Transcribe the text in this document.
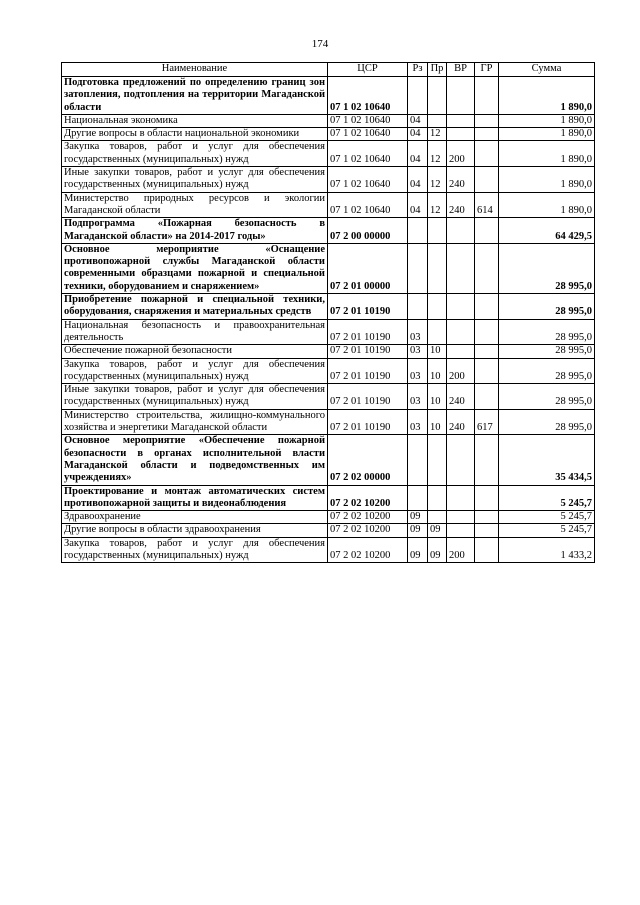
174
Наименование	ЦСР	Рз	Пр	ВР	ГР	Сумма
Подготовка предложений по определению границ зон затопления, подтопления на территории Магаданской области	07 1 02 10640					1 890,0
Национальная экономика	07 1 02 10640	04				1 890,0
Другие вопросы в области национальной экономики	07 1 02 10640	04	12			1 890,0
Закупка товаров, работ и услуг для обеспечения государственных (муниципальных) нужд	07 1 02 10640	04	12	200		1 890,0
Иные закупки товаров, работ и услуг для обеспечения государственных (муниципальных) нужд	07 1 02 10640	04	12	240		1 890,0
Министерство природных ресурсов и экологии Магаданской области	07 1 02 10640	04	12	240	614	1 890,0
Подпрограмма «Пожарная безопасность в Магаданской области» на 2014-2017 годы»	07 2 00 00000					64 429,5
Основное мероприятие «Оснащение противопожарной службы Магаданской области современными образцами пожарной и специальной техники, оборудованием и снаряжением»	07 2 01 00000					28 995,0
Приобретение пожарной и специальной техники, оборудования, снаряжения и материальных средств	07 2 01 10190					28 995,0
Национальная безопасность и правоохранительная деятельность	07 2 01 10190	03				28 995,0
Обеспечение пожарной безопасности	07 2 01 10190	03	10			28 995,0
Закупка товаров, работ и услуг для обеспечения государственных (муниципальных) нужд	07 2 01 10190	03	10	200		28 995,0
Иные закупки товаров, работ и услуг для обеспечения государственных (муниципальных) нужд	07 2 01 10190	03	10	240		28 995,0
Министерство строительства, жилищно-коммунального хозяйства и энергетики Магаданской области	07 2 01 10190	03	10	240	617	28 995,0
Основное мероприятие «Обеспечение пожарной безопасности в органах исполнительной власти Магаданской области и подведомственных им учреждениях»	07 2 02 00000					35 434,5
Проектирование и монтаж автоматических систем противопожарной защиты и видеонаблюдения	07 2 02 10200					5 245,7
Здравоохранение	07 2 02 10200	09				5 245,7
Другие вопросы в области здравоохранения	07 2 02 10200	09	09			5 245,7
Закупка товаров, работ и услуг для обеспечения государственных (муниципальных) нужд	07 2 02 10200	09	09	200		1 433,2
